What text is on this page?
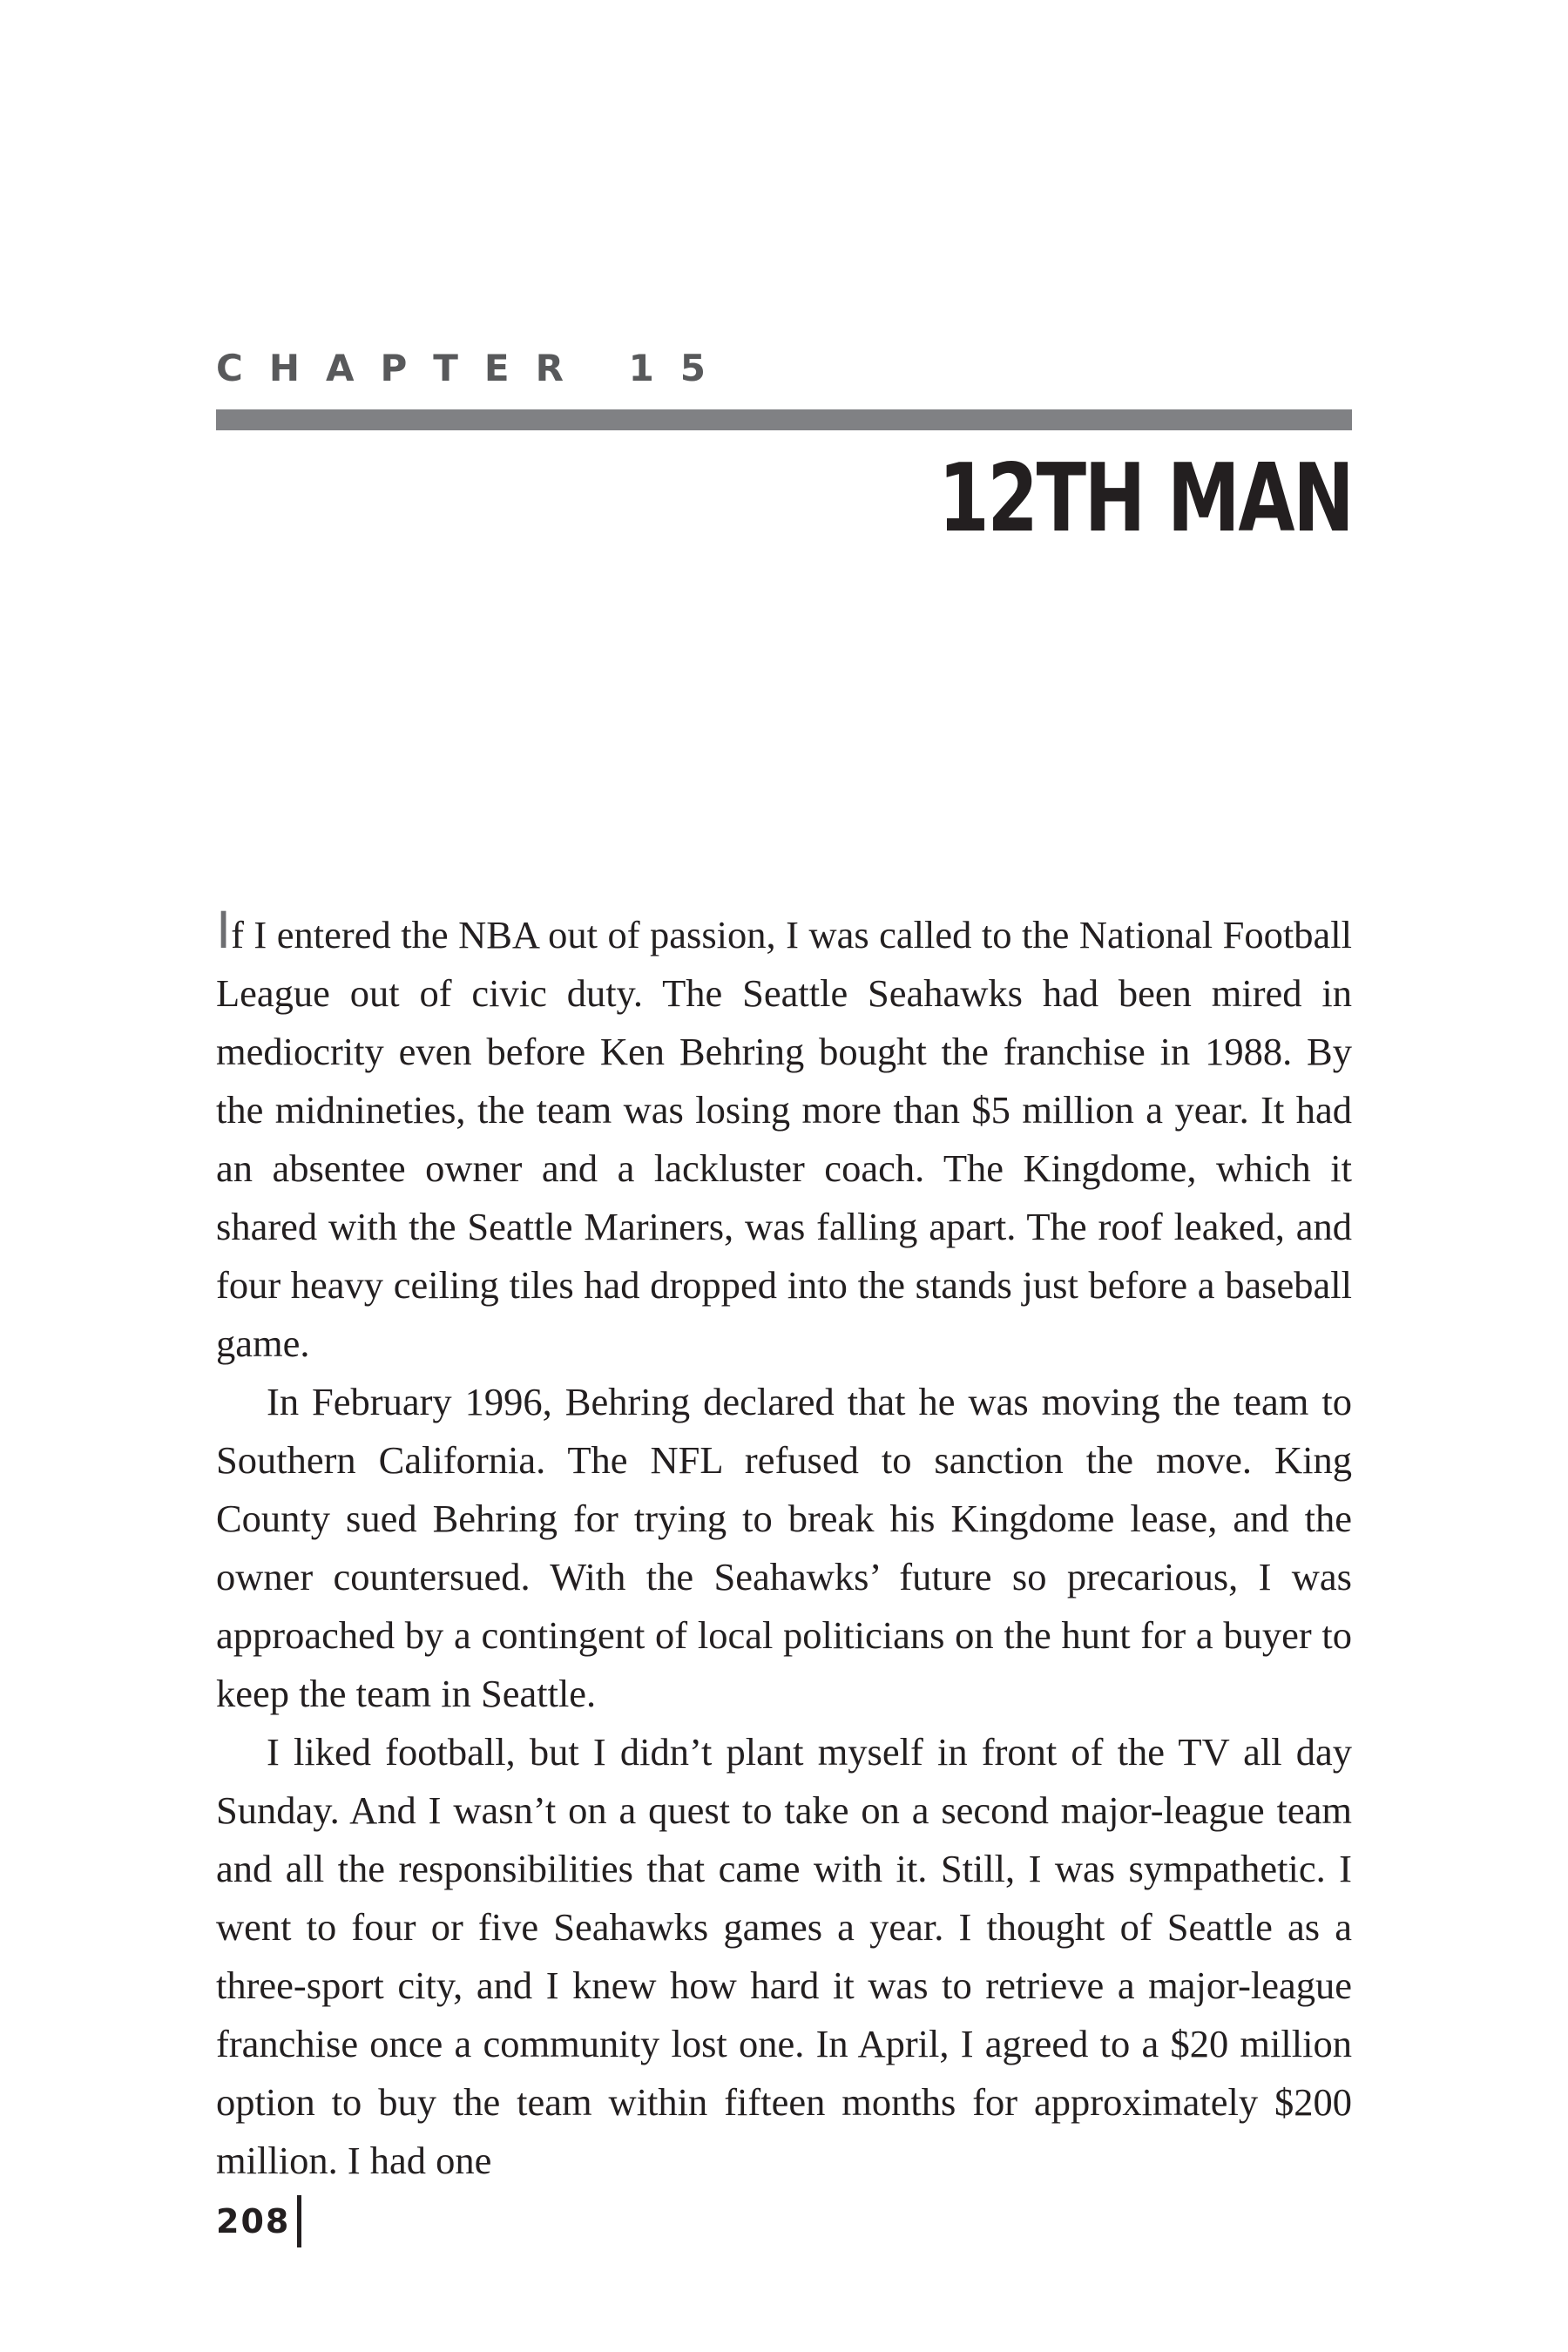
CHAPTER 15
12TH MAN

If I entered the NBA out of passion, I was called to the National Football League out of civic duty. The Seattle Seahawks had been mired in mediocrity even before Ken Behring bought the franchise in 1988. By the midnineties, the team was losing more than $5 million a year. It had an absentee owner and a lackluster coach. The Kingdome, which it shared with the Seattle Mariners, was falling apart. The roof leaked, and four heavy ceiling tiles had dropped into the stands just before a baseball game.

In February 1996, Behring declared that he was moving the team to Southern California. The NFL refused to sanction the move. King County sued Behring for trying to break his Kingdome lease, and the owner countersued. With the Seahawks’ future so precarious, I was approached by a contingent of local politicians on the hunt for a buyer to keep the team in Seattle.

I liked football, but I didn’t plant myself in front of the TV all day Sunday. And I wasn’t on a quest to take on a second major-league team and all the responsibilities that came with it. Still, I was sympathetic. I went to four or five Seahawks games a year. I thought of Seattle as a three-sport city, and I knew how hard it was to retrieve a major-league franchise once a community lost one. In April, I agreed to a $20 million option to buy the team within fifteen months for approximately $200 million. I had one

208
